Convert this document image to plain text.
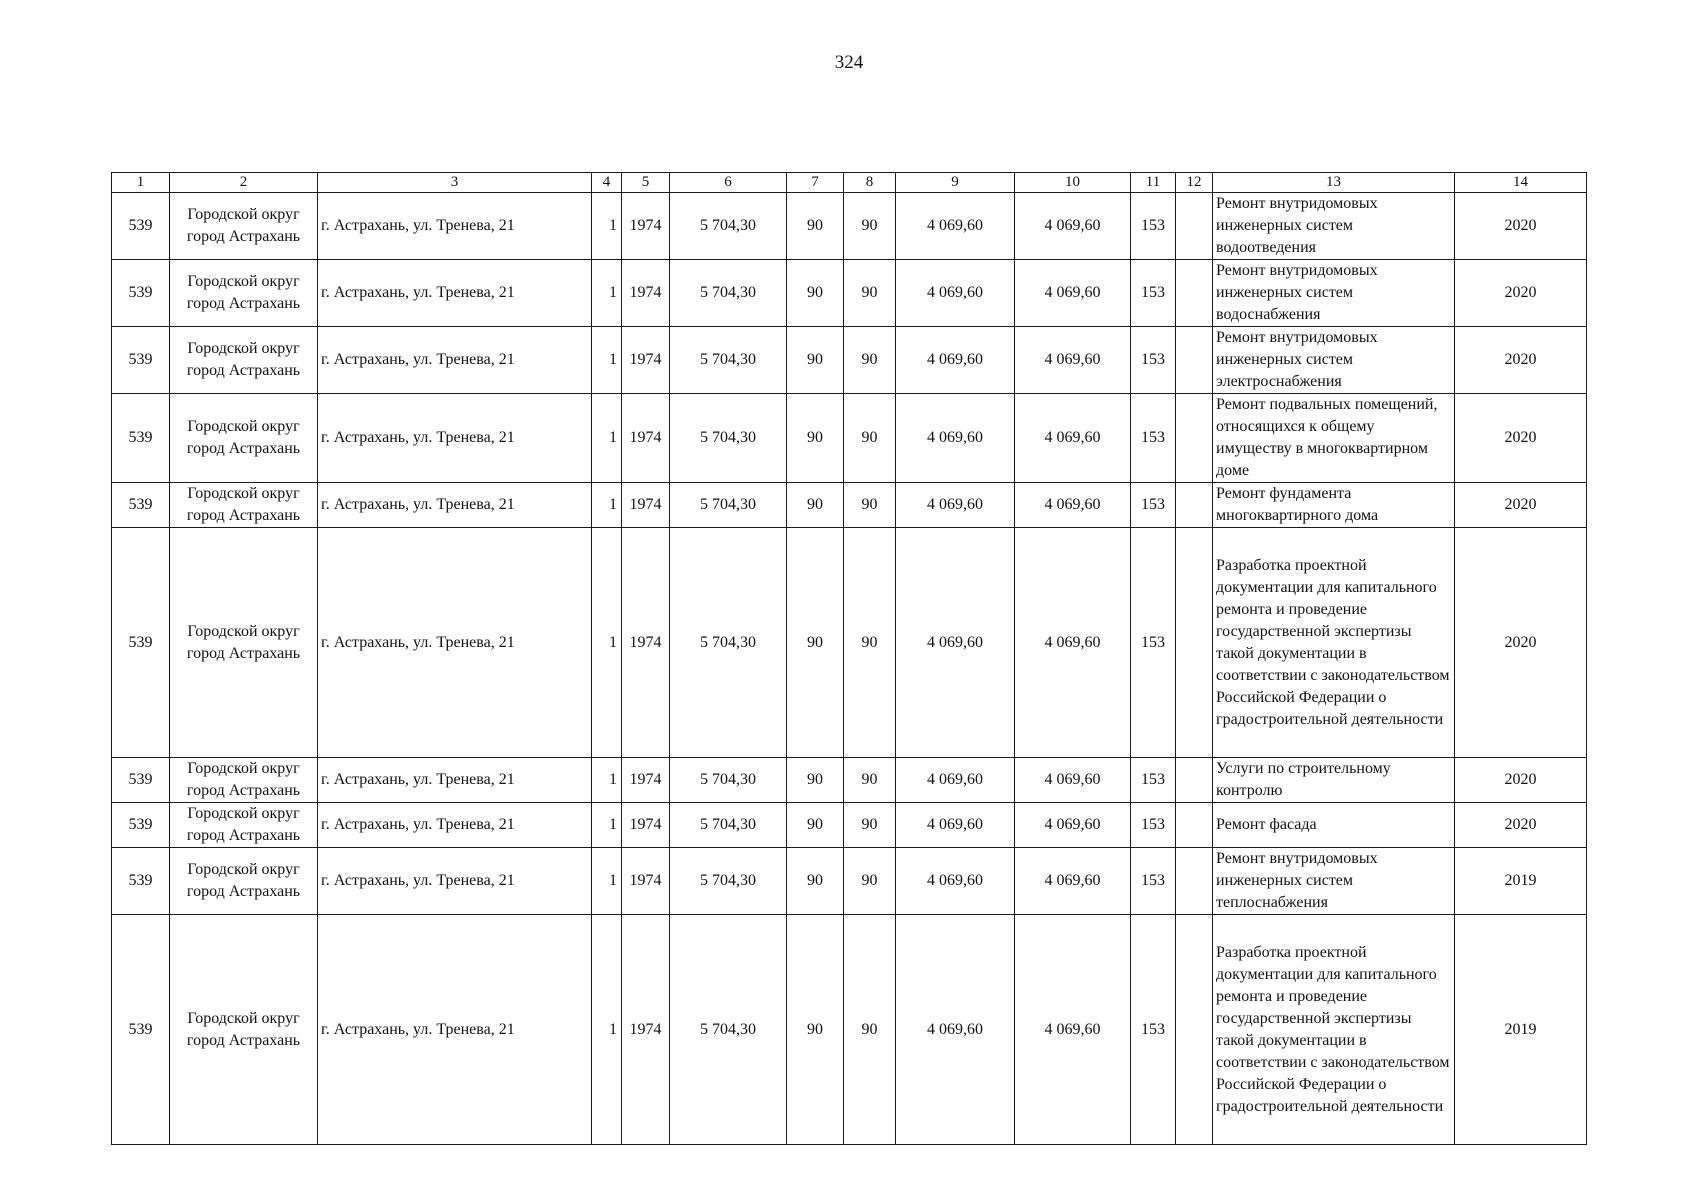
324
1	2	3	4	5	6	7	8	9	10	11	12	13	14
539	Городской округ город Астрахань	г. Астрахань, ул. Тренева, 21	1	1974	5 704,30	90	90	4 069,60	4 069,60	153		Ремонт внутридомовых инженерных систем водоотведения	2020
539	Городской округ город Астрахань	г. Астрахань, ул. Тренева, 21	1	1974	5 704,30	90	90	4 069,60	4 069,60	153		Ремонт внутридомовых инженерных систем водоснабжения	2020
539	Городской округ город Астрахань	г. Астрахань, ул. Тренева, 21	1	1974	5 704,30	90	90	4 069,60	4 069,60	153		Ремонт внутридомовых инженерных систем электроснабжения	2020
539	Городской округ город Астрахань	г. Астрахань, ул. Тренева, 21	1	1974	5 704,30	90	90	4 069,60	4 069,60	153		Ремонт подвальных помещений, относящихся к общему имуществу в многоквартирном доме	2020
539	Городской округ город Астрахань	г. Астрахань, ул. Тренева, 21	1	1974	5 704,30	90	90	4 069,60	4 069,60	153		Ремонт фундамента многоквартирного дома	2020
539	Городской округ город Астрахань	г. Астрахань, ул. Тренева, 21	1	1974	5 704,30	90	90	4 069,60	4 069,60	153		Разработка проектной документации для капитального ремонта и проведение государственной экспертизы такой документации в соответствии с законодательством Российской Федерации о градостроительной деятельности	2020
539	Городской округ город Астрахань	г. Астрахань, ул. Тренева, 21	1	1974	5 704,30	90	90	4 069,60	4 069,60	153		Услуги по строительному контролю	2020
539	Городской округ город Астрахань	г. Астрахань, ул. Тренева, 21	1	1974	5 704,30	90	90	4 069,60	4 069,60	153		Ремонт фасада	2020
539	Городской округ город Астрахань	г. Астрахань, ул. Тренева, 21	1	1974	5 704,30	90	90	4 069,60	4 069,60	153		Ремонт внутридомовых инженерных систем теплоснабжения	2019
539	Городской округ город Астрахань	г. Астрахань, ул. Тренева, 21	1	1974	5 704,30	90	90	4 069,60	4 069,60	153		Разработка проектной документации для капитального ремонта и проведение государственной экспертизы такой документации в соответствии с законодательством Российской Федерации о градостроительной деятельности	2019
